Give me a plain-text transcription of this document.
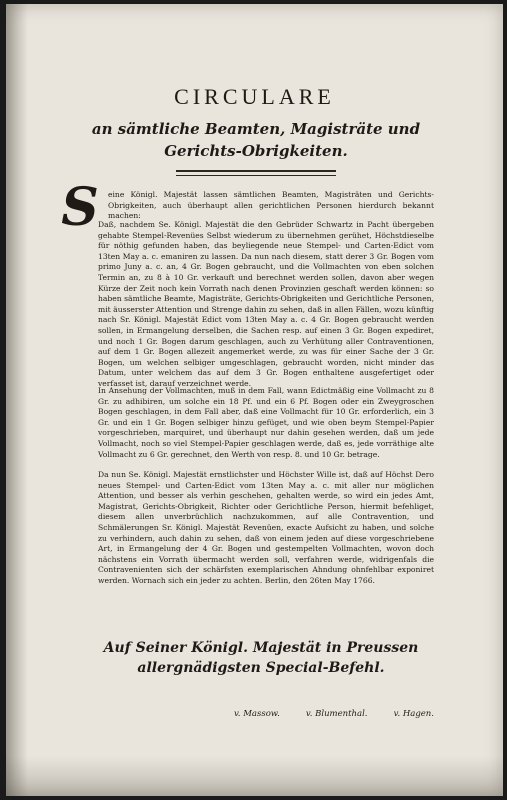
CIRCULARE
an sämtliche Beamten, Magisträte und Gerichts-Obrigkeiten.
S	eine Königl. Majestät lassen sämtlichen Beamten, Magisträten und Gerichts-Obrigkeiten, auch überhaupt allen gerichtlichen Personen hierdurch bekannt machen:
Daß, nachdem Se. Königl. Majestät die den Gebrüder Schwartz in Pacht übergeben gehabte Stempel-Revenües Selbst wiederum zu übernehmen gerühet, Höchstdieselbe für nöthig gefunden haben, das beyliegende neue Stempel- und Carten-Edict vom 13ten May a. c. emaniren zu lassen. Da nun nach diesem, statt derer 3 Gr. Bogen vom primo Juny a. c. an, 4 Gr. Bogen gebraucht, und die Vollmachten von eben solchen Termin an, zu 8 à 10 Gr. verkauft und berechnet werden sollen, davon aber wegen Kürze der Zeit noch kein Vorrath nach denen Provinzien geschaft werden können: so haben sämtliche Beamte, Magisträte, Gerichts-Obrigkeiten und Gerichtliche Personen, mit äusserster Attention und Strenge dahin zu sehen, daß in allen Fällen, wozu künftig nach Sr. Königl. Majestät Edict vom 13ten May a. c. 4 Gr. Bogen gebraucht werden sollen, in Ermangelung derselben, die Sachen resp. auf einen 3 Gr. Bogen expediret, und noch 1 Gr. Bogen darum geschlagen, auch zu Verhütung aller Contraventionen, auf dem 1 Gr. Bogen allezeit angemerket werde, zu was für einer Sache der 3 Gr. Bogen, um welchen selbiger umgeschlagen, gebraucht worden, nicht minder das Datum, unter welchem das auf dem 3 Gr. Bogen enthaltene ausgefertiget oder verfasset ist, darauf verzeichnet werde.
In Ansehung der Vollmachten, muß in dem Fall, wann Edictmäßig eine Vollmacht zu 8 Gr. zu adhibiren, um solche ein 18 Pf. und ein 6 Pf. Bogen oder ein Zweygroschen Bogen geschlagen, in dem Fall aber, daß eine Vollmacht für 10 Gr. erforderlich, ein 3 Gr. und ein 1 Gr. Bogen selbiger hinzu gefüget, und wie oben beym Stempel-Papier vorgeschrieben, marquiret, und überhaupt nur dahin gesehen werden, daß um jede Vollmacht, noch so viel Stempel-Papier geschlagen werde, daß es, jede vorräthige alte Vollmacht zu 6 Gr. gerechnet, den Werth von resp. 8. und 10 Gr. betrage.
Da nun Se. Königl. Majestät ernstlichster und Höchster Wille ist, daß auf Höchst Dero neues Stempel- und Carten-Edict vom 13ten May a. c. mit aller nur möglichen Attention, und besser als verhin geschehen, gehalten werde, so wird ein jedes Amt, Magistrat, Gerichts-Obrigkeit, Richter oder Gerichtliche Person, hiermit befehliget, diesem allen unverbrüchlich nachzukommen, auf alle Contravention, und Schmälerungen Sr. Königl. Majestät Revenüen, exacte Aufsicht zu haben, und solche zu verhindern, auch dahin zu sehen, daß von einem jeden auf diese vorgeschriebene Art, in Ermangelung der 4 Gr. Bogen und gestempelten Vollmachten, wovon doch nächstens ein Vorrath übermacht werden soll, verfahren werde, widrigenfals die Contravenienten sich der schärfsten exemplarischen Ahndung ohnfehlbar exponiret werden. Wornach sich ein jeder zu achten. Berlin, den 26ten May 1766.
Auf Seiner Königl. Majestät in Preussen allergnädigsten Special-Befehl.
v. Massow.	v. Blumenthal.	v. Hagen.
